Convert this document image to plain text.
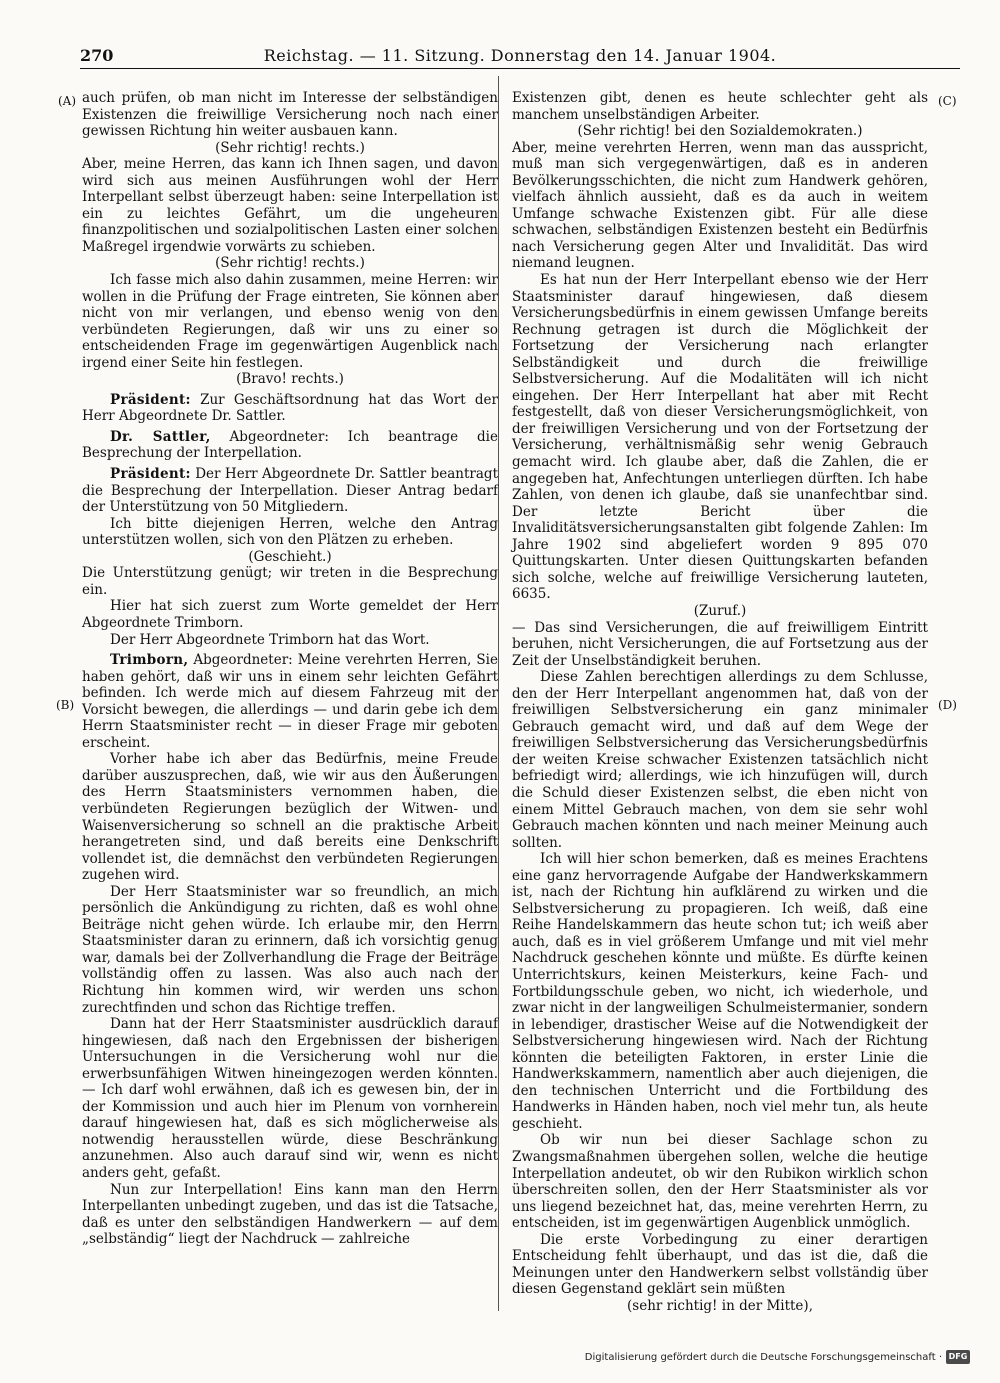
270	Reichstag. — 11. Sitzung. Donnerstag den 14. Januar 1904.
(A)
(B)
(C)
(D)

auch prüfen, ob man nicht im Interesse der selbständigen Existenzen die freiwillige Versicherung noch nach einer gewissen Richtung hin weiter ausbauen kann.

(Sehr richtig! rechts.)

Aber, meine Herren, das kann ich Ihnen sagen, und davon wird sich aus meinen Ausführungen wohl der Herr Interpellant selbst überzeugt haben: seine Interpellation ist ein zu leichtes Gefährt, um die ungeheuren finanzpolitischen und sozialpolitischen Lasten einer solchen Maßregel irgendwie vorwärts zu schieben.

(Sehr richtig! rechts.)

Ich fasse mich also dahin zusammen, meine Herren: wir wollen in die Prüfung der Frage eintreten, Sie können aber nicht von mir verlangen, und ebenso wenig von den verbündeten Regierungen, daß wir uns zu einer so entscheidenden Frage im gegenwärtigen Augenblick nach irgend einer Seite hin festlegen.

(Bravo! rechts.)

Präsident: Zur Geschäftsordnung hat das Wort der Herr Abgeordnete Dr. Sattler.

Dr. Sattler, Abgeordneter: Ich beantrage die Besprechung der Interpellation.

Präsident: Der Herr Abgeordnete Dr. Sattler beantragt die Besprechung der Interpellation. Dieser Antrag bedarf der Unterstützung von 50 Mitgliedern.

Ich bitte diejenigen Herren, welche den Antrag unterstützen wollen, sich von den Plätzen zu erheben.

(Geschieht.)

Die Unterstützung genügt; wir treten in die Besprechung ein.

Hier hat sich zuerst zum Worte gemeldet der Herr Abgeordnete Trimborn.

Der Herr Abgeordnete Trimborn hat das Wort.

Trimborn, Abgeordneter: Meine verehrten Herren, Sie haben gehört, daß wir uns in einem sehr leichten Gefährt befinden. Ich werde mich auf diesem Fahrzeug mit der Vorsicht bewegen, die allerdings — und darin gebe ich dem Herrn Staatsminister recht — in dieser Frage mir geboten erscheint.

Vorher habe ich aber das Bedürfnis, meine Freude darüber auszusprechen, daß, wie wir aus den Äußerungen des Herrn Staatsministers vernommen haben, die verbündeten Regierungen bezüglich der Witwen- und Waisenversicherung so schnell an die praktische Arbeit herangetreten sind, und daß bereits eine Denkschrift vollendet ist, die demnächst den verbündeten Regierungen zugehen wird.

Der Herr Staatsminister war so freundlich, an mich persönlich die Ankündigung zu richten, daß es wohl ohne Beiträge nicht gehen würde. Ich erlaube mir, den Herrn Staatsminister daran zu erinnern, daß ich vorsichtig genug war, damals bei der Zollverhandlung die Frage der Beiträge vollständig offen zu lassen. Was also auch nach der Richtung hin kommen wird, wir werden uns schon zurechtfinden und schon das Richtige treffen.

Dann hat der Herr Staatsminister ausdrücklich darauf hingewiesen, daß nach den Ergebnissen der bisherigen Untersuchungen in die Versicherung wohl nur die erwerbsunfähigen Witwen hineingezogen werden könnten. — Ich darf wohl erwähnen, daß ich es gewesen bin, der in der Kommission und auch hier im Plenum von vornherein darauf hingewiesen hat, daß es sich möglicherweise als notwendig herausstellen würde, diese Beschränkung anzunehmen. Also auch darauf sind wir, wenn es nicht anders geht, gefaßt.

Nun zur Interpellation! Eins kann man den Herrn Interpellanten unbedingt zugeben, und das ist die Tatsache, daß es unter den selbständigen Handwerkern — auf dem „selbständig“ liegt der Nachdruck — zahlreiche

Existenzen gibt, denen es heute schlechter geht als manchem unselbständigen Arbeiter.

(Sehr richtig! bei den Sozialdemokraten.)

Aber, meine verehrten Herren, wenn man das ausspricht, muß man sich vergegenwärtigen, daß es in anderen Bevölkerungsschichten, die nicht zum Handwerk gehören, vielfach ähnlich aussieht, daß es da auch in weitem Umfange schwache Existenzen gibt. Für alle diese schwachen, selbständigen Existenzen besteht ein Bedürfnis nach Versicherung gegen Alter und Invalidität. Das wird niemand leugnen.

Es hat nun der Herr Interpellant ebenso wie der Herr Staatsminister darauf hingewiesen, daß diesem Versicherungsbedürfnis in einem gewissen Umfange bereits Rechnung getragen ist durch die Möglichkeit der Fortsetzung der Versicherung nach erlangter Selbständigkeit und durch die freiwillige Selbstversicherung. Auf die Modalitäten will ich nicht eingehen. Der Herr Interpellant hat aber mit Recht festgestellt, daß von dieser Versicherungsmöglichkeit, von der freiwilligen Versicherung und von der Fortsetzung der Versicherung, verhältnismäßig sehr wenig Gebrauch gemacht wird. Ich glaube aber, daß die Zahlen, die er angegeben hat, Anfechtungen unterliegen dürften. Ich habe Zahlen, von denen ich glaube, daß sie unanfechtbar sind. Der letzte Bericht über die Invaliditätsversicherungsanstalten gibt folgende Zahlen: Im Jahre 1902 sind abgeliefert worden 9 895 070 Quittungskarten. Unter diesen Quittungskarten befanden sich solche, welche auf freiwillige Versicherung lauteten, 6635.

(Zuruf.)

— Das sind Versicherungen, die auf freiwilligem Eintritt beruhen, nicht Versicherungen, die auf Fortsetzung aus der Zeit der Unselbständigkeit beruhen.

Diese Zahlen berechtigen allerdings zu dem Schlusse, den der Herr Interpellant angenommen hat, daß von der freiwilligen Selbstversicherung ein ganz minimaler Gebrauch gemacht wird, und daß auf dem Wege der freiwilligen Selbstversicherung das Versicherungsbedürfnis der weiten Kreise schwacher Existenzen tatsächlich nicht befriedigt wird; allerdings, wie ich hinzufügen will, durch die Schuld dieser Existenzen selbst, die eben nicht von einem Mittel Gebrauch machen, von dem sie sehr wohl Gebrauch machen könnten und nach meiner Meinung auch sollten.

Ich will hier schon bemerken, daß es meines Erachtens eine ganz hervorragende Aufgabe der Handwerkskammern ist, nach der Richtung hin aufklärend zu wirken und die Selbstversicherung zu propagieren. Ich weiß, daß eine Reihe Handelskammern das heute schon tut; ich weiß aber auch, daß es in viel größerem Umfange und mit viel mehr Nachdruck geschehen könnte und müßte. Es dürfte keinen Unterrichtskurs, keinen Meisterkurs, keine Fach- und Fortbildungsschule geben, wo nicht, ich wiederhole, und zwar nicht in der langweiligen Schulmeistermanier, sondern in lebendiger, drastischer Weise auf die Notwendigkeit der Selbstversicherung hingewiesen wird. Nach der Richtung könnten die beteiligten Faktoren, in erster Linie die Handwerkskammern, namentlich aber auch diejenigen, die den technischen Unterricht und die Fortbildung des Handwerks in Händen haben, noch viel mehr tun, als heute geschieht.

Ob wir nun bei dieser Sachlage schon zu Zwangsmaßnahmen übergehen sollen, welche die heutige Interpellation andeutet, ob wir den Rubikon wirklich schon überschreiten sollen, den der Herr Staatsminister als vor uns liegend bezeichnet hat, das, meine verehrten Herrn, zu entscheiden, ist im gegenwärtigen Augenblick unmöglich.

Die erste Vorbedingung zu einer derartigen Entscheidung fehlt überhaupt, und das ist die, daß die Meinungen unter den Handwerkern selbst vollständig über diesen Gegenstand geklärt sein müßten

(sehr richtig! in der Mitte),

Digitalisierung gefördert durch die Deutsche Forschungsgemeinschaft · DFG
